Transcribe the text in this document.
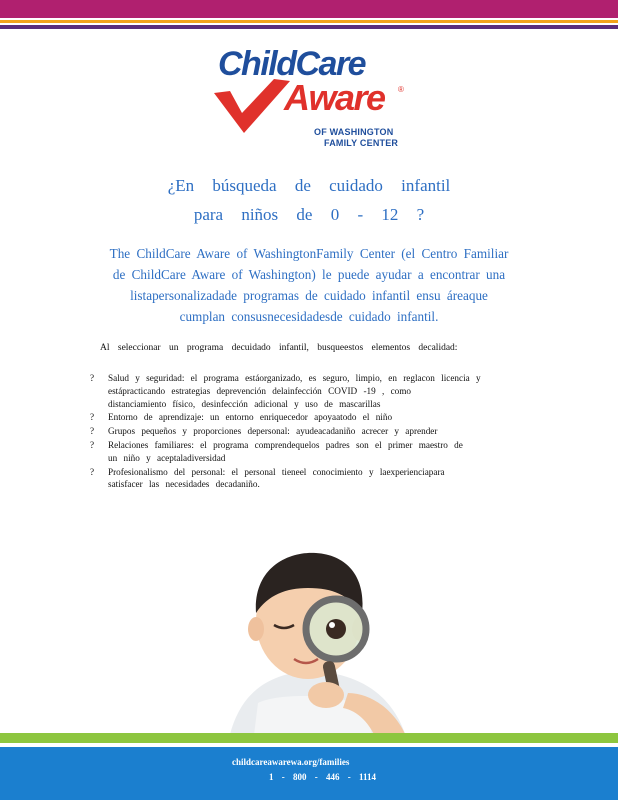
ChildCare
Aware ®
OF WASHINGTON
FAMILY CENTER
¿En búsqueda de cuidado infantil
para niños de 0 - 12 ?
The ChildCare Aware of WashingtonFamily Center (el Centro Familiar
de ChildCare Aware of Washington) le puede ayudar a encontrar una
listapersonalizadade programas de cuidado infantil ensu áreaque
cumplan consusnecesidadesde cuidado infantil.
Al seleccionar un programa decuidado infantil, busqueestos elementos decalidad:
? Salud y seguridad: el programa estáorganizado, es seguro, limpio, en reglacon licencia y
estápracticando estrategias deprevención delainfección COVID -19 , como
distanciamiento físico, desinfección adicional y uso de mascarillas
? Entorno de aprendizaje: un entorno enriquecedor apoyaatodo el niño
? Grupos pequeños y proporciones depersonal: ayudeacadaniño acrecer y aprender
? Relaciones familiares: el programa comprendequelos padres son el primer maestro de
un niño y aceptaladiversidad
? Profesionalismo del personal: el personal tieneel conocimiento y laexperienciapara
satisfacer las necesidades decadaniño.
childcareawarewa.org/families
1 - 800 - 446 - 1114
